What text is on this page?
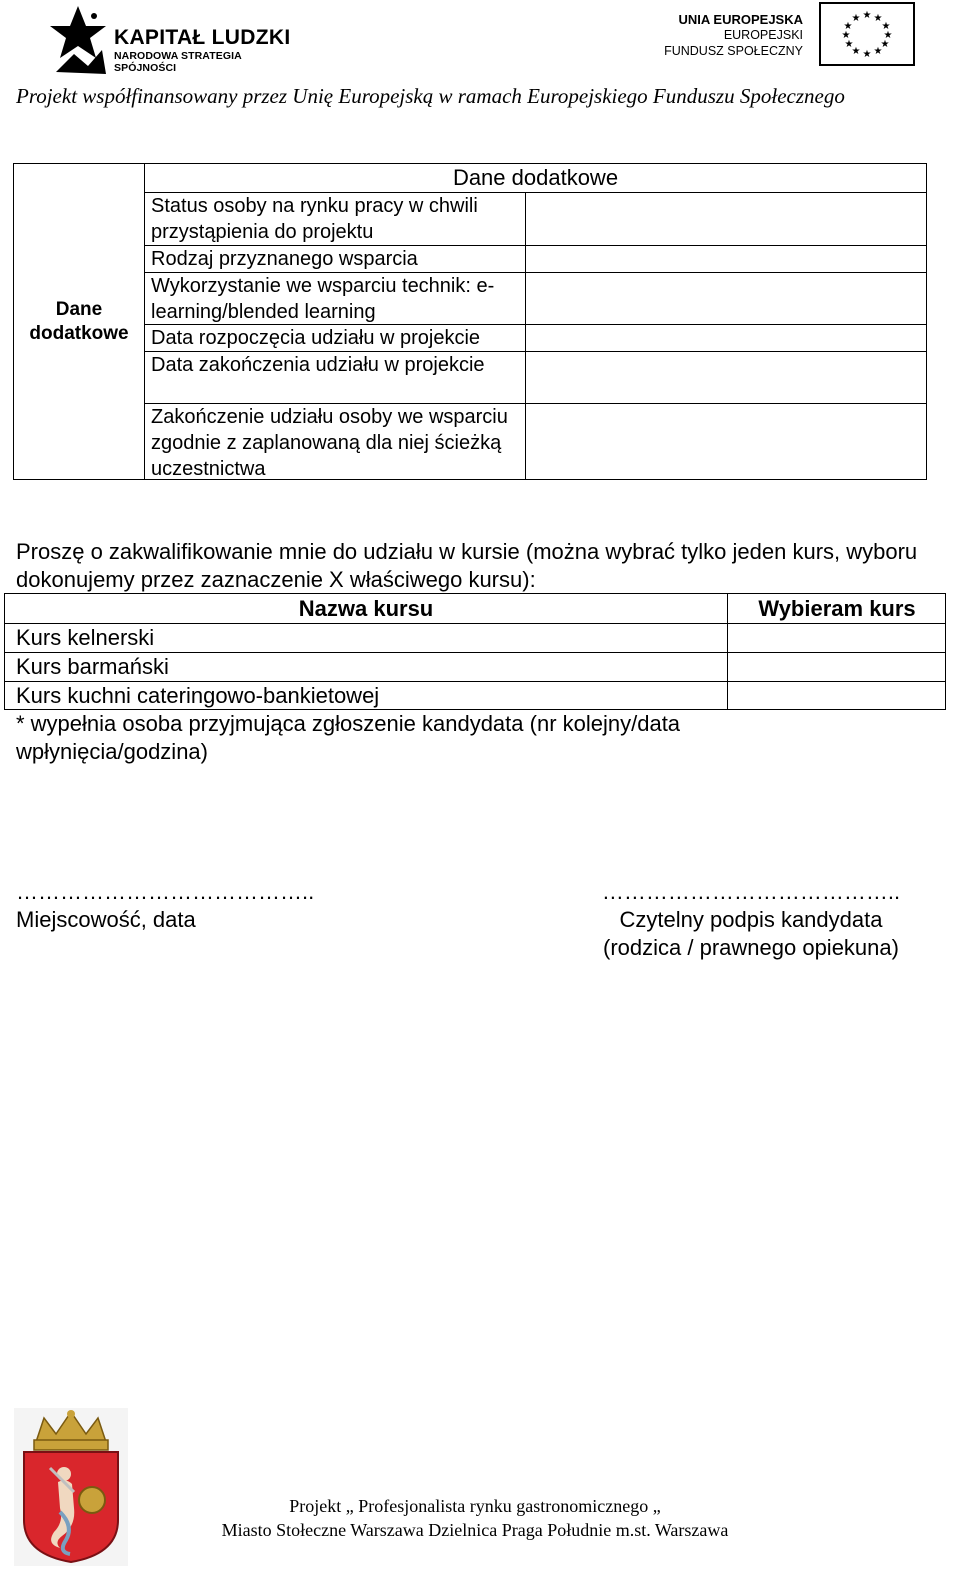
KAPITAŁ LUDZKI
NARODOWA STRATEGIA SPÓJNOŚCI
UNIA EUROPEJSKA
EUROPEJSKI
FUNDUSZ SPOŁECZNY
★ ★
★
★
★
★
★
★
★
★
★
★
Projekt współfinansowany przez Unię Europejską w ramach Europejskiego Funduszu Społecznego
Dane
dodatkowe
Dane dodatkowe
Status osoby na rynku pracy w chwili przystąpienia do projektu
Rodzaj przyznanego wsparcia
Wykorzystanie we wsparciu technik: e-learning/blended learning
Data rozpoczęcia udziału w projekcie
Data zakończenia udziału w projekcie
Zakończenie udziału osoby we wsparciu zgodnie z zaplanowaną dla niej ścieżką uczestnictwa
Proszę o zakwalifikowanie mnie do udziału w kursie (można wybrać tylko jeden kurs, wyboru dokonujemy przez zaznaczenie X właściwego kursu):
Nazwa kursu	Wybieram kurs
Kurs kelnerski
Kurs barmański
Kurs kuchni cateringowo-bankietowej
* wypełnia osoba przyjmująca zgłoszenie kandydata (nr kolejny/data wpłynięcia/godzina)
…………………………………..
Miejscowość, data
…………………………………..
Czytelny podpis kandydata
(rodzica / prawnego opiekuna)
Projekt „ Profesjonalista rynku gastronomicznego „
Miasto Stołeczne Warszawa Dzielnica Praga Południe m.st. Warszawa
